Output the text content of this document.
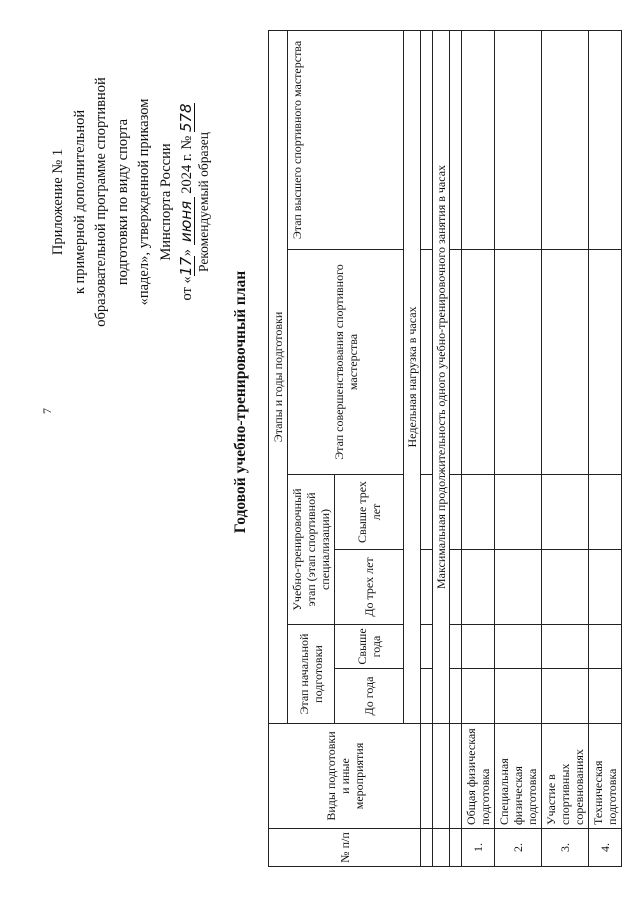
7
Приложение № 1 к примерной дополнительной образовательной программе спортивной подготовки по виду спорта «падел», утвержденной приказом Минспорта России
от «17» июня 2024 г. № 578
Рекомендуемый образец
Годовой учебно-тренировочный план
№ п/п	Виды подготовки и иные мероприятия	Этапы и годы подготовки					
		Этап начальной подготовки		Учебно-тренировочный этап (этап спортивной специализации)		Этап совершенствования спортивного мастерства	Этап высшего спортивного мастерства
		До года	Свыше года	До трех лет	Свыше трех лет		
		Недельная нагрузка в часах					

		Максимальная продолжительность одного учебно-тренировочного занятия в часах					

1.	Общая физическая подготовка						
2.	Специальная физическая подготовка						
3.	Участие в спортивных соревнованиях						
4.	Техническая подготовка						
